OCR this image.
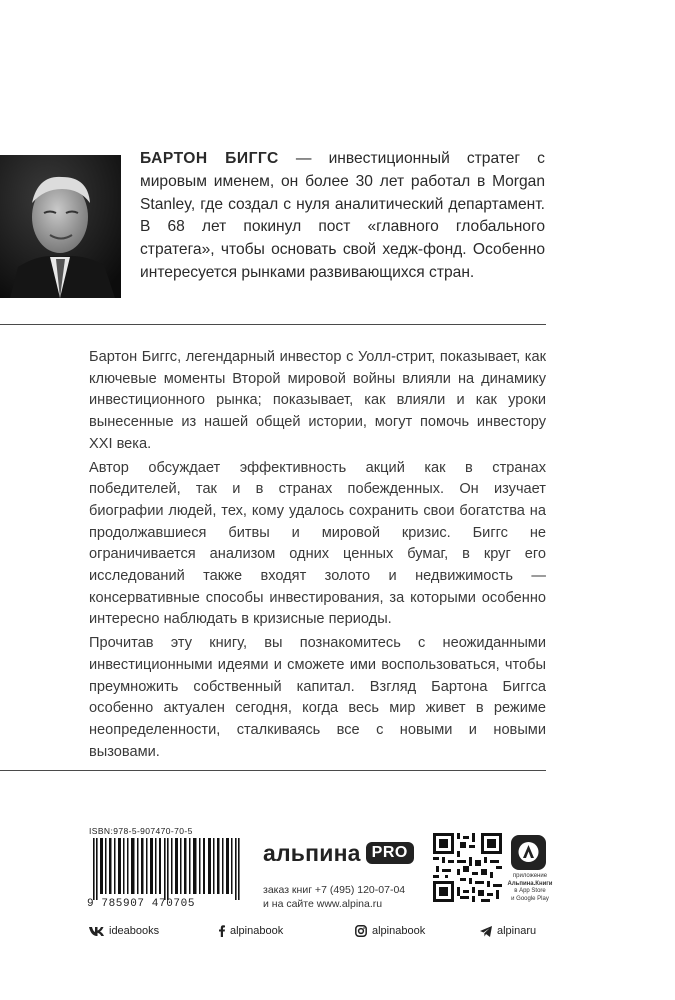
БАРТОН БИГГС — инвестиционный стратег с мировым именем, он более 30 лет работал в Morgan Stanley, где создал с нуля аналитический департамент. В 68 лет покинул пост «главного глобального стратега», чтобы основать свой хедж-фонд. Особенно интересуется рынками развивающихся стран.

Бартон Биггс, легендарный инвестор с Уолл-стрит, показывает, как ключевые моменты Второй мировой войны влияли на динамику инвестиционного рынка; показывает, как влияли и как уроки вынесенные из нашей общей истории, могут помочь инвестору XXI века.

Автор обсуждает эффективность акций как в странах победителей, так и в странах побежденных. Он изучает биографии людей, тех, кому удалось сохранить свои богатства на продолжавшиеся битвы и мировой кризис. Биггс не ограничивается анализом одних ценных бумаг, в круг его исследований также входят золото и недвижимость — консервативные способы инвестирования, за которыми особенно интересно наблюдать в кризисные периоды.

Прочитав эту книгу, вы познакомитесь с неожиданными инвестиционными идеями и сможете ими воспользоваться, чтобы преумножить собственный капитал. Взгляд Бартона Биггса особенно актуален сегодня, когда весь мир живет в режиме неопределенности, сталкиваясь все с новыми и новыми вызовами.

ISBN:978-5-907470-70-5
9 785907 470705
альпина PRO
заказ книг +7 (495) 120-07-04
и на сайте www.alpina.ru
приложение
Альпина.Книги
в App Store
и Google Play
ideabooks	alpinabook	alpinabook	alpinaru
